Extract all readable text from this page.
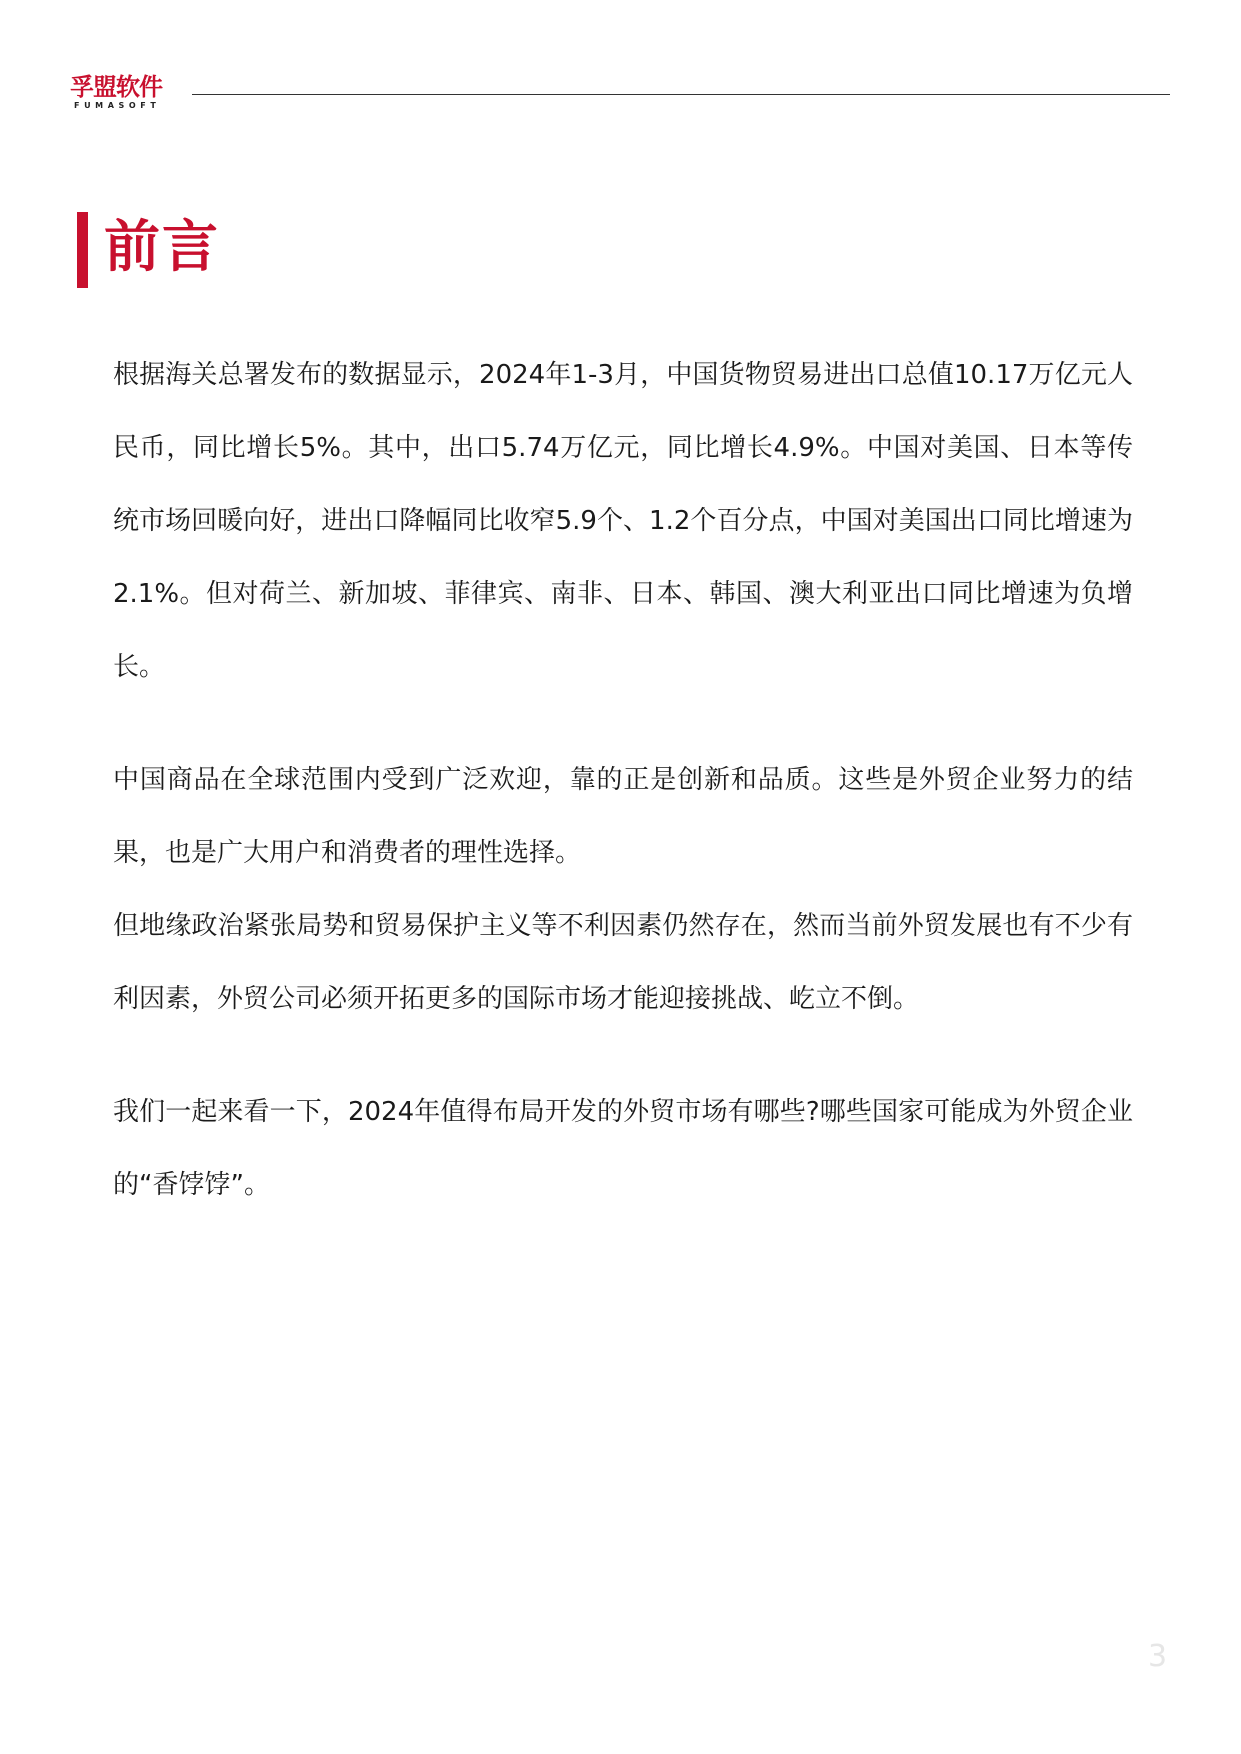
孚盟软件
FUMASOFT
前言

根据海关总署发布的数据显示，2024年1-3月，中国货物贸易进出口总值10.17万亿元人民币，同比增长5%。其中，出口5.74万亿元，同比增长4.9%。中国对美国、日本等传统市场回暖向好，进出口降幅同比收窄5.9个、1.2个百分点，中国对美国出口同比增速为2.1%。但对荷兰、新加坡、菲律宾、南非、日本、韩国、澳大利亚出口同比增速为负增长。

中国商品在全球范围内受到广泛欢迎，靠的正是创新和品质。这些是外贸企业努力的结果，也是广大用户和消费者的理性选择。

但地缘政治紧张局势和贸易保护主义等不利因素仍然存在，然而当前外贸发展也有不少有利因素，外贸公司必须开拓更多的国际市场才能迎接挑战、屹立不倒。

我们一起来看一下，2024年值得布局开发的外贸市场有哪些?哪些国家可能成为外贸企业的“香饽饽”。

3
